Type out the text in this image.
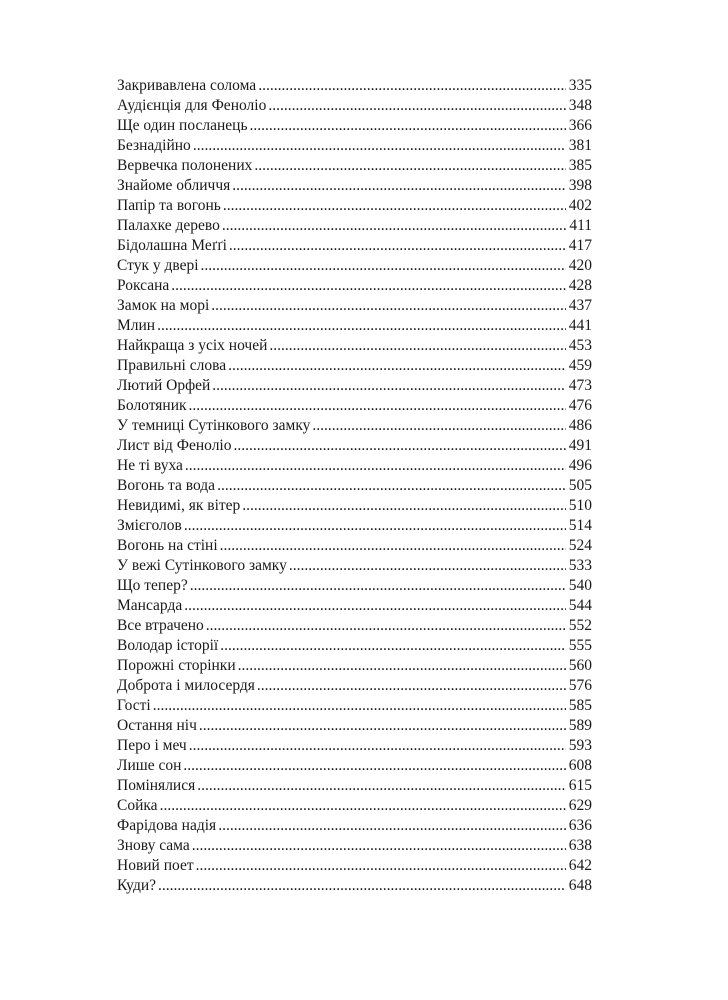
Закривавлена солома .....	335
Аудієнція для Феноліо .....	348
Ще один посланець .....	366
Безнадійно .....	381
Вервечка полонених .....	385
Знайоме обличчя .....	398
Папір та вогонь .....	402
Палахке дерево .....	411
Бідолашна Меґґі .....	417
Стук у двері .....	420
Роксана .....	428
Замок на морі .....	437
Млин .....	441
Найкраща з усіх ночей .....	453
Правильні слова .....	459
Лютий Орфей .....	473
Болотяник .....	476
У темниці Сутінкового замку .....	486
Лист від Феноліо .....	491
Не ті вуха .....	496
Вогонь та вода .....	505
Невидимі, як вітер .....	510
Змієголов .....	514
Вогонь на стіні .....	524
У вежі Сутінкового замку .....	533
Що тепер? .....	540
Мансарда .....	544
Все втрачено .....	552
Володар історії .....	555
Порожні сторінки .....	560
Доброта і милосердя .....	576
Гості .....	585
Остання ніч .....	589
Перо і меч .....	593
Лише сон .....	608
Помінялися .....	615
Сойка .....	629
Фарідова надія .....	636
Знову сама .....	638
Новий поет .....	642
Куди? .....	648
